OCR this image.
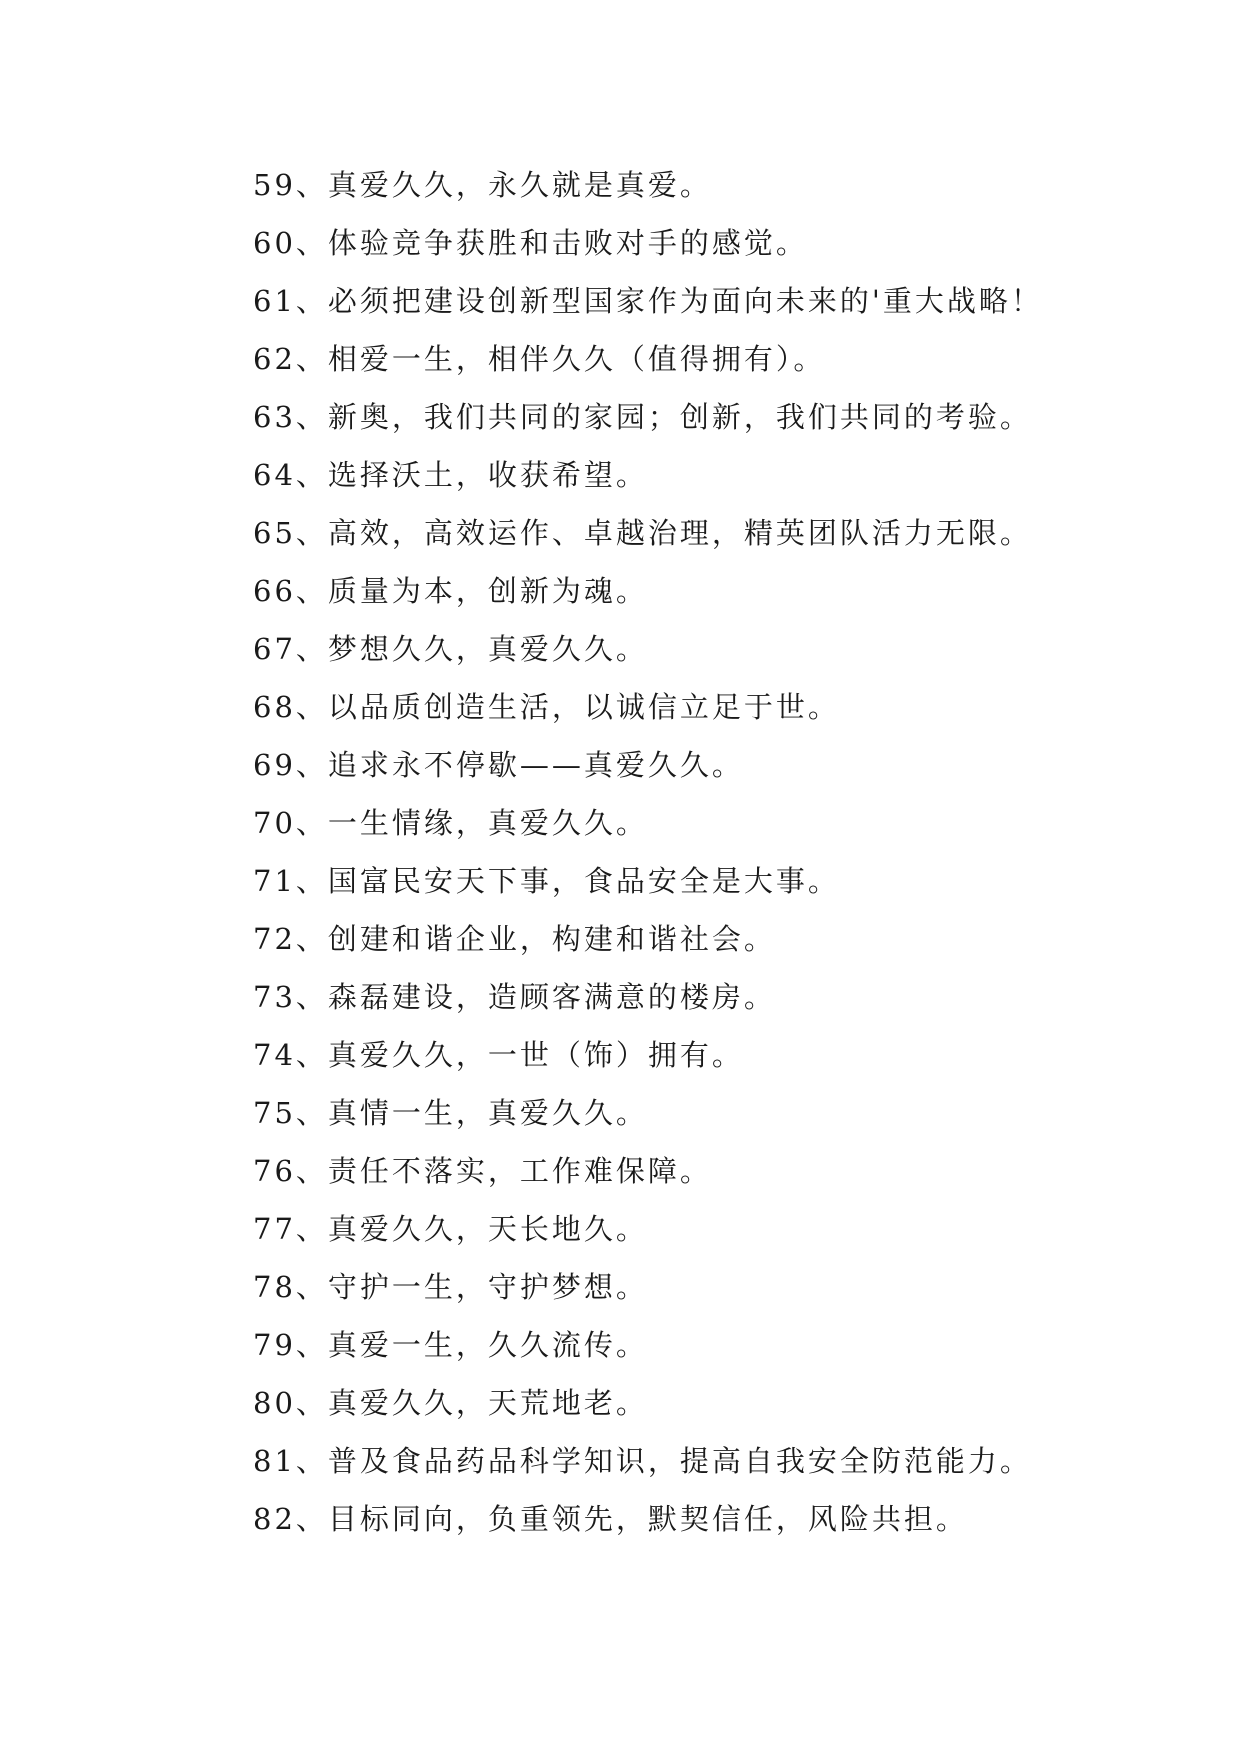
59、真爱久久，永久就是真爱。
60、体验竞争获胜和击败对手的感觉。
61、必须把建设创新型国家作为面向未来的'重大战略！
62、相爱一生，相伴久久（值得拥有）。
63、新奥，我们共同的家园；创新，我们共同的考验。
64、选择沃土，收获希望。
65、高效，高效运作、卓越治理，精英团队活力无限。
66、质量为本，创新为魂。
67、梦想久久，真爱久久。
68、以品质创造生活，以诚信立足于世。
69、追求永不停歇——真爱久久。
70、一生情缘，真爱久久。
71、国富民安天下事，食品安全是大事。
72、创建和谐企业，构建和谐社会。
73、森磊建设，造顾客满意的楼房。
74、真爱久久，一世（饰）拥有。
75、真情一生，真爱久久。
76、责任不落实，工作难保障。
77、真爱久久，天长地久。
78、守护一生，守护梦想。
79、真爱一生，久久流传。
80、真爱久久，天荒地老。
81、普及食品药品科学知识，提高自我安全防范能力。
82、目标同向，负重领先，默契信任，风险共担。
